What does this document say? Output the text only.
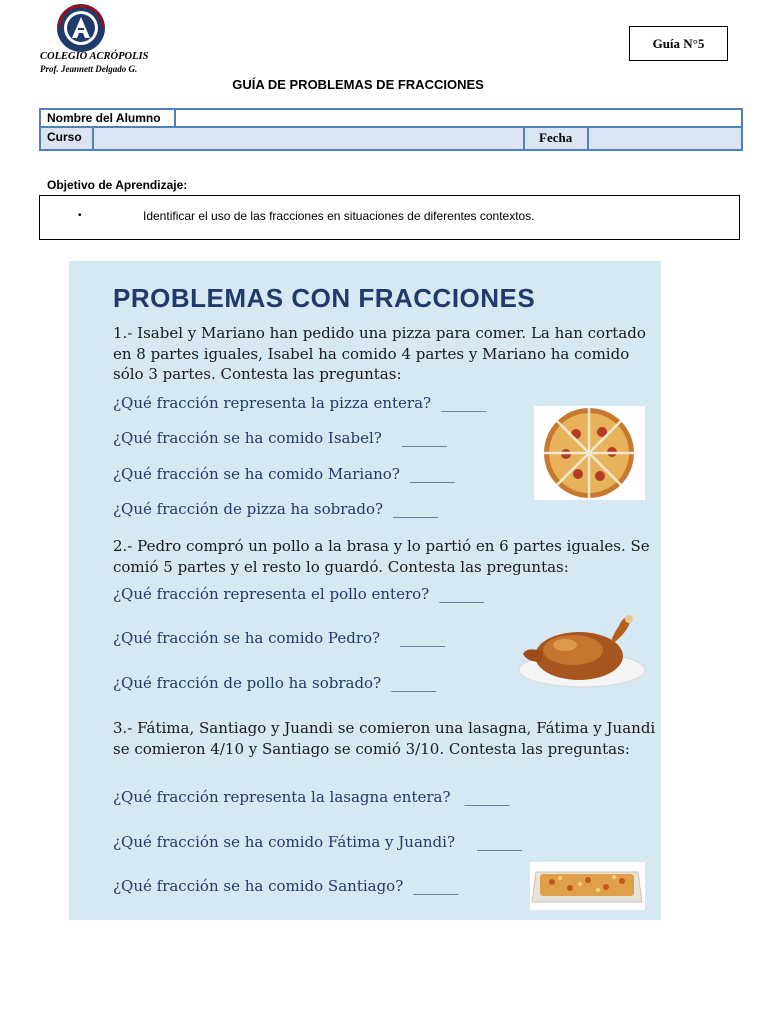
COLEGIO ACRÓPOLIS
Prof. Jeannett Delgado G.
Guía N°5
GUÍA DE PROBLEMAS DE FRACCIONES
Nombre del Alumno
Curso	Fecha
Objetivo de Aprendizaje:
•	Identificar el uso de las fracciones en situaciones de diferentes contextos.
PROBLEMAS CON FRACCIONES
1.- Isabel y Mariano han pedido una pizza para comer. La han cortado en 8 partes iguales, Isabel ha comido 4 partes y Mariano ha comido sólo 3 partes. Contesta las preguntas:
¿Qué fracción representa la pizza entera? ______
¿Qué fracción se ha comido Isabel? ______
¿Qué fracción se ha comido Mariano? ______
¿Qué fracción de pizza ha sobrado? ______
2.- Pedro compró un pollo a la brasa y lo partió en 6 partes iguales. Se comió 5 partes y el resto lo guardó. Contesta las preguntas:
¿Qué fracción representa el pollo entero? ______
¿Qué fracción se ha comido Pedro? ______
¿Qué fracción de pollo ha sobrado? ______
3.- Fátima, Santiago y Juandi se comieron una lasagna, Fátima y Juandi se comieron 4/10 y Santiago se comió 3/10. Contesta las preguntas:
¿Qué fracción representa la lasagna entera? ______
¿Qué fracción se ha comido Fátima y Juandi? ______
¿Qué fracción se ha comido Santiago? ______
